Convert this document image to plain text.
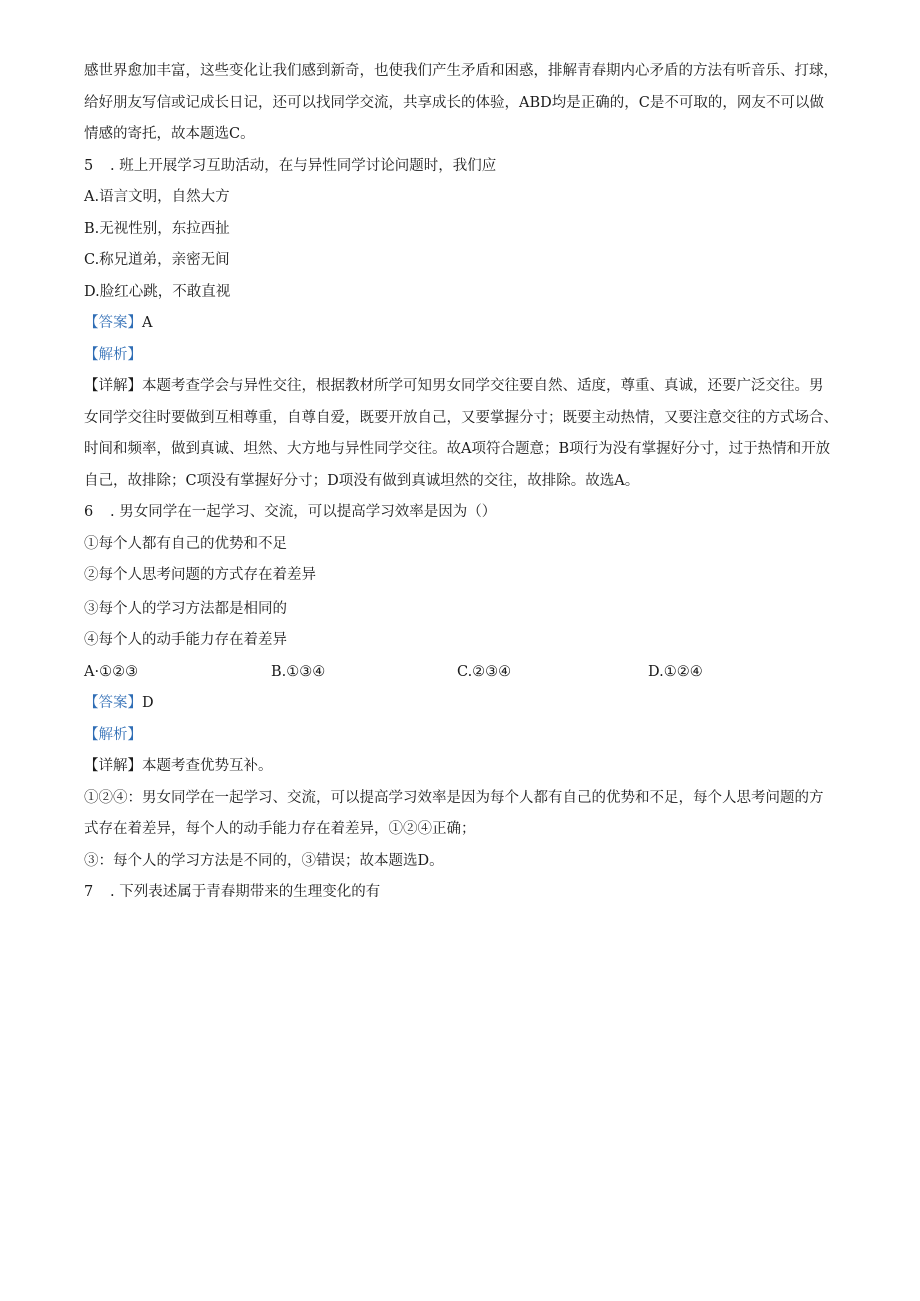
感世界愈加丰富，这些变化让我们感到新奇，也使我们产生矛盾和困惑，排解青春期内心矛盾的方法有听音乐、打球，
给好朋友写信或记成长日记，还可以找同学交流，共享成长的体验，ABD均是正确的，C是不可取的，网友不可以做
情感的寄托，故本题选C。
5 . 班上开展学习互助活动，在与异性同学讨论问题时，我们应
A.语言文明，自然大方
B.无视性别，东拉西扯
C.称兄道弟，亲密无间
D.脸红心跳，不敢直视
【答案】A
【解析】
【详解】本题考查学会与异性交往，根据教材所学可知男女同学交往要自然、适度，尊重、真诚，还要广泛交往。男
女同学交往时要做到互相尊重，自尊自爱，既要开放自己，又要掌握分寸；既要主动热情，又要注意交往的方式场合、
时间和频率，做到真诚、坦然、大方地与异性同学交往。故A项符合题意；B项行为没有掌握好分寸，过于热情和开放
自己，故排除；C项没有掌握好分寸；D项没有做到真诚坦然的交往，故排除。故选A。
6 . 男女同学在一起学习、交流，可以提高学习效率是因为（）
①每个人都有自己的优势和不足
②每个人思考问题的方式存在着差异
③每个人的学习方法都是相同的
④每个人的动手能力存在着差异
A·①②③	B.①③④	C.②③④	D.①②④
【答案】D
【解析】
【详解】本题考查优势互补。
①②④：男女同学在一起学习、交流，可以提高学习效率是因为每个人都有自己的优势和不足，每个人思考问题的方
式存在着差异，每个人的动手能力存在着差异，①②④正确；
③：每个人的学习方法是不同的，③错误；故本题选D。
7 . 下列表述属于青春期带来的生理变化的有
